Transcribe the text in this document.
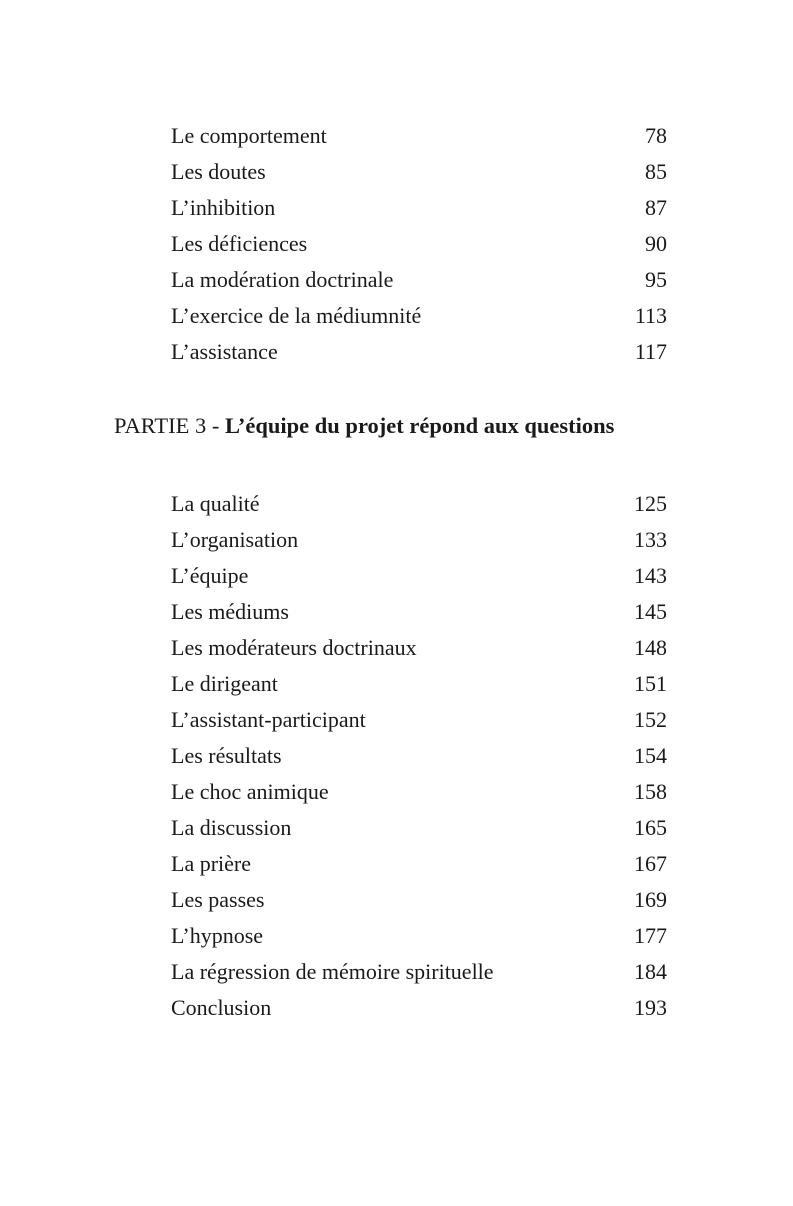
Le comportement	78
Les doutes	85
L’inhibition	87
Les déficiences	90
La modération doctrinale	95
L’exercice de la médiumnité	113
L’assistance	117
PARTIE 3 - L’équipe du projet répond aux questions
La qualité	125
L’organisation	133
L’équipe	143
Les médiums	145
Les modérateurs doctrinaux	148
Le dirigeant	151
L’assistant-participant	152
Les résultats	154
Le choc animique	158
La discussion	165
La prière	167
Les passes	169
L’hypnose	177
La régression de mémoire spirituelle	184
Conclusion	193
